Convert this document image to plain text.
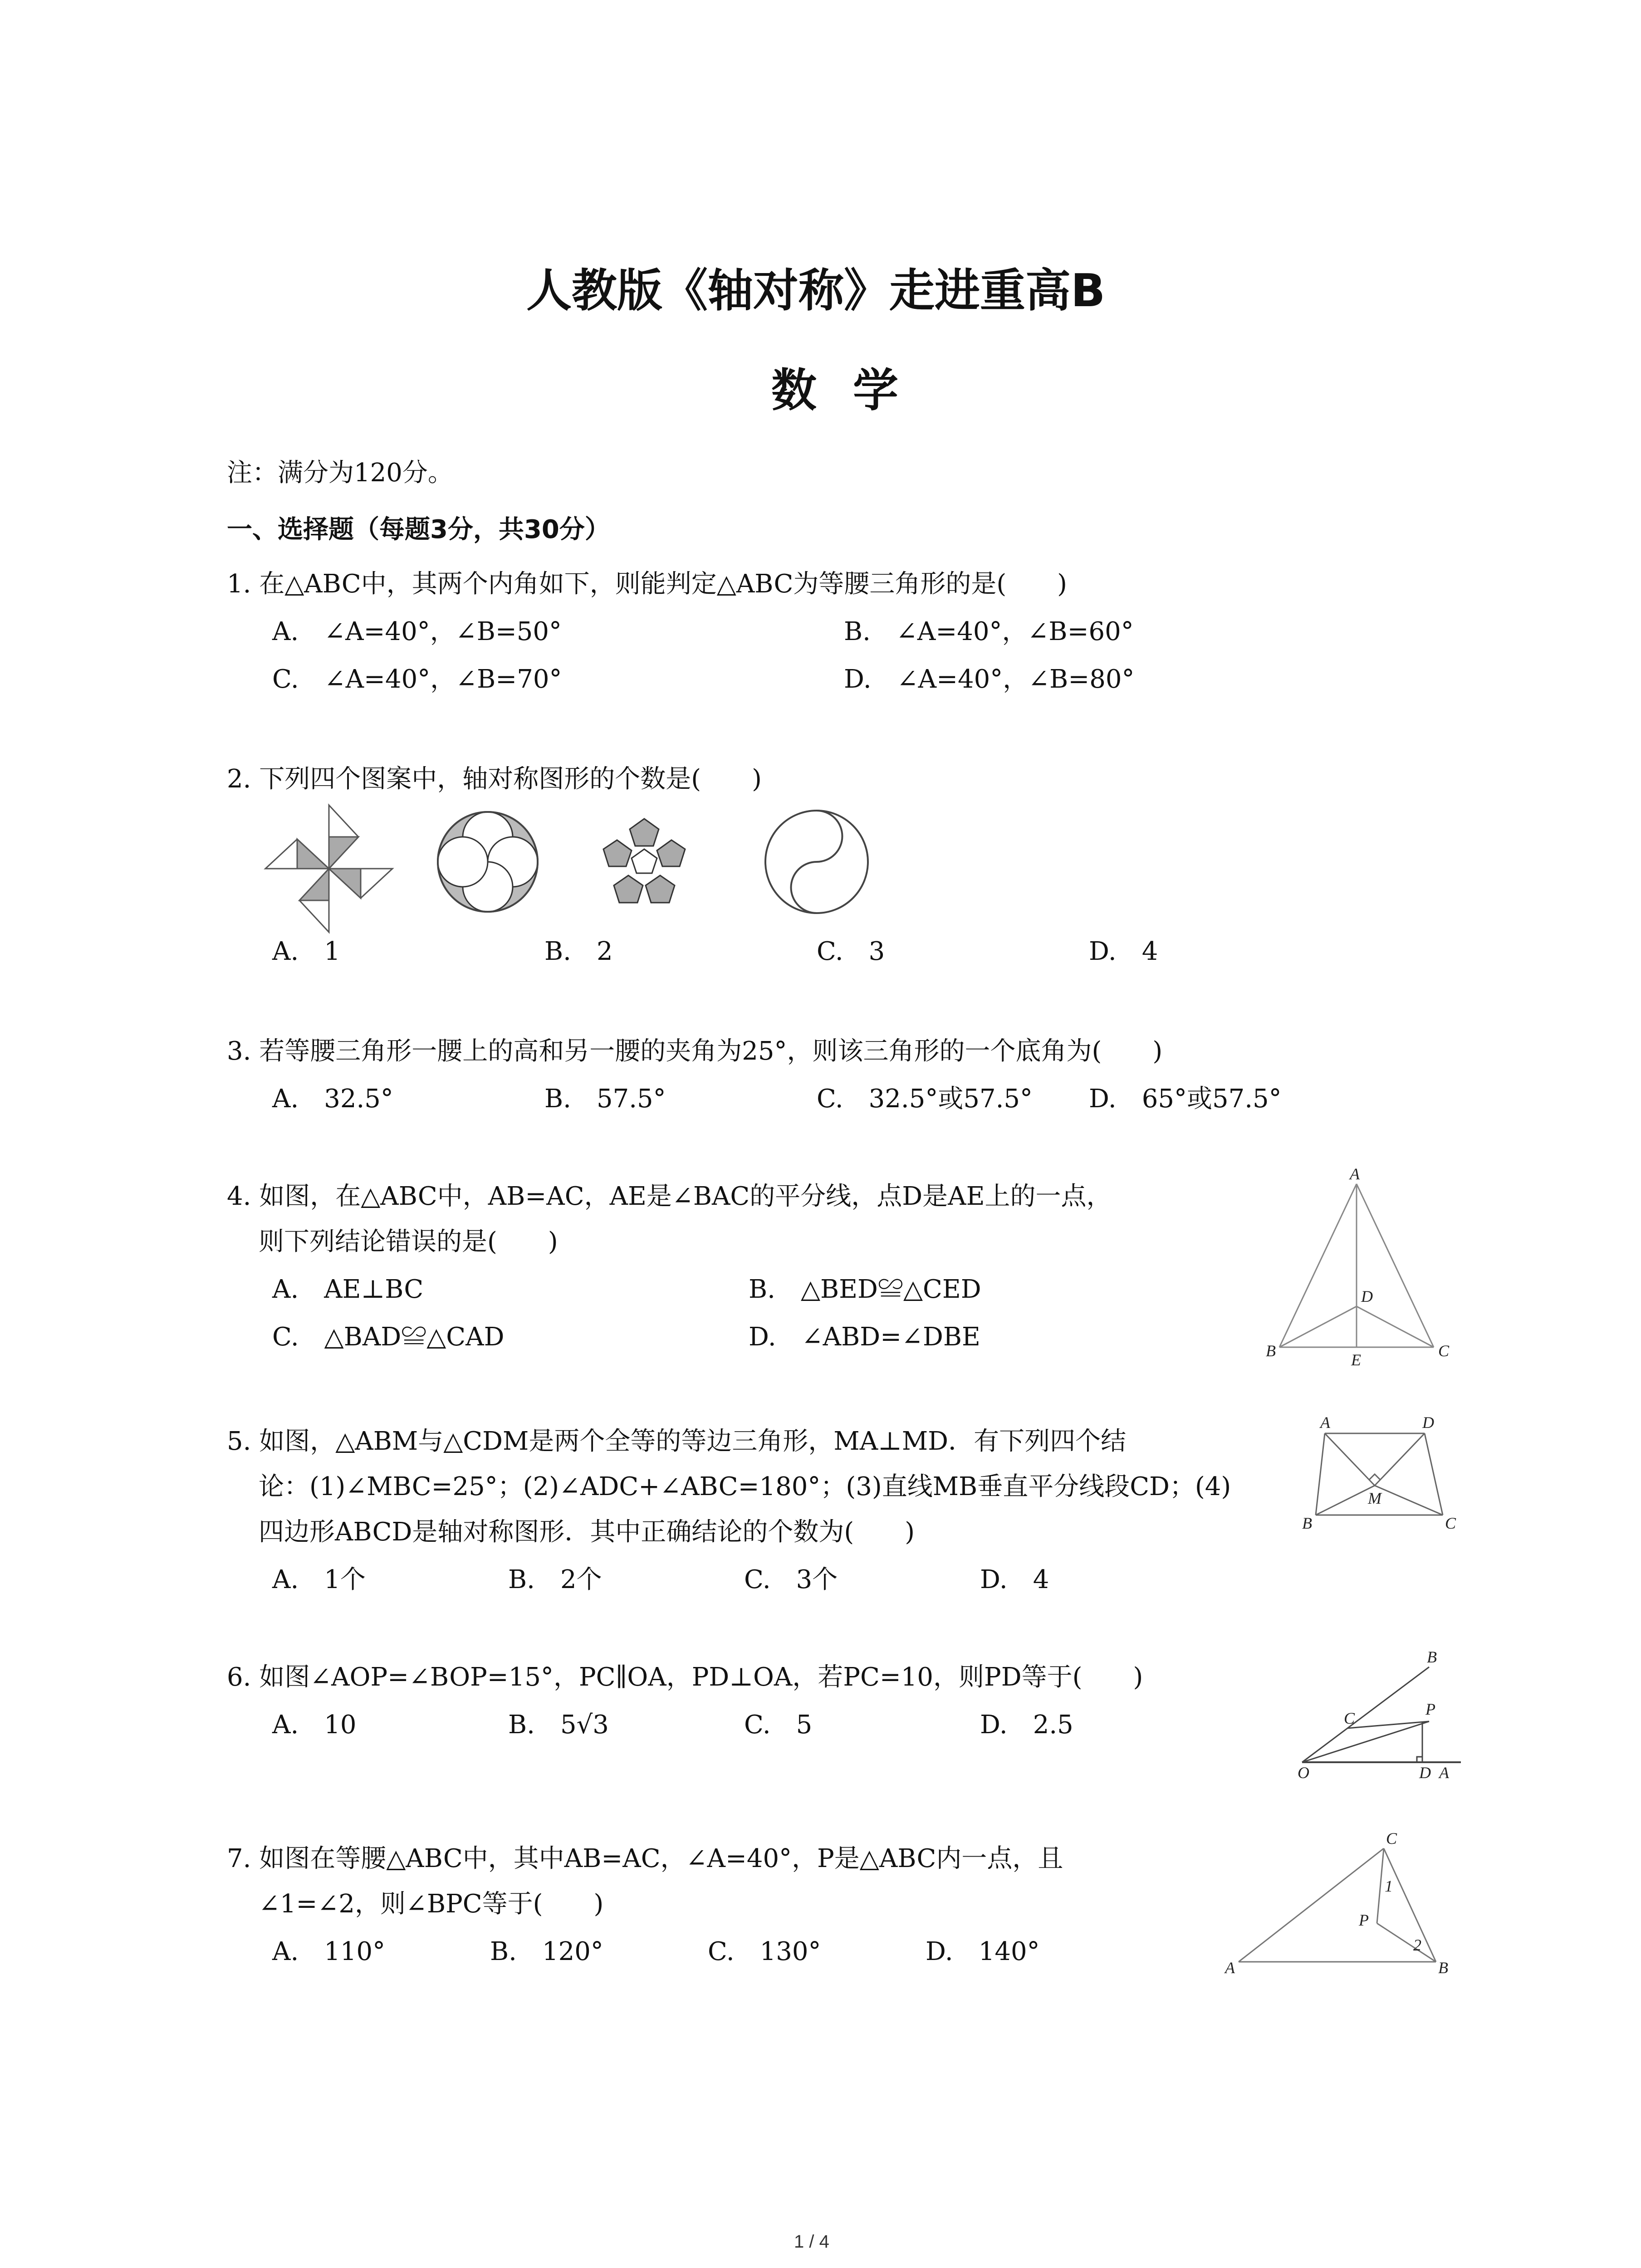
人教版《轴对称》走进重高B
数学
注：满分为120分。
一、选择题（每题3分，共30分）
1. 在△ABC中，其两个内角如下，则能判定△ABC为等腰三角形的是(　　)
A.　∠A=40°，∠B=50°	B.　∠A=40°，∠B=60°
C.　∠A=40°，∠B=70°	D.　∠A=40°，∠B=80°
2. 下列四个图案中，轴对称图形的个数是(　　)
A.　1	B.　2	C.　3	D.　4
3. 若等腰三角形一腰上的高和另一腰的夹角为25°，则该三角形的一个底角为(　　)
A.　32.5°	B.　57.5°	C.　32.5°或57.5° D.　65°或57.5°
4. 如图，在△ABC中，AB=AC，AE是∠BAC的平分线，点D是AE上的一点，
则下列结论错误的是(　　)
A.　AE⊥BC	B.　△BED≌△CED
C.　△BAD≌△CAD	D.　∠ABD=∠DBE
A
B	C
D
E
5. 如图，△ABM与△CDM是两个全等的等边三角形，MA⊥MD．有下列四个结
论：(1)∠MBC=25°；(2)∠ADC+∠ABC=180°；(3)直线MB垂直平分线段CD；(4)
四边形ABCD是轴对称图形．其中正确结论的个数为(　　)
A.　1个	B.　2个	C.　3个	D.　4
A	D
B	C
M
6. 如图∠AOP=∠BOP=15°，PC∥OA，PD⊥OA，若PC=10，则PD等于(　　)
A.　10	B.　5√3	C.　5	D.　2.5
B
C	P
O	D A
7. 如图在等腰△ABC中，其中AB=AC，∠A=40°，P是△ABC内一点，且
∠1=∠2，则∠BPC等于(　　)
A.　110°	B.　120°	C.　130°	D.　140°
C
A	B
P
1
2
1 / 4
